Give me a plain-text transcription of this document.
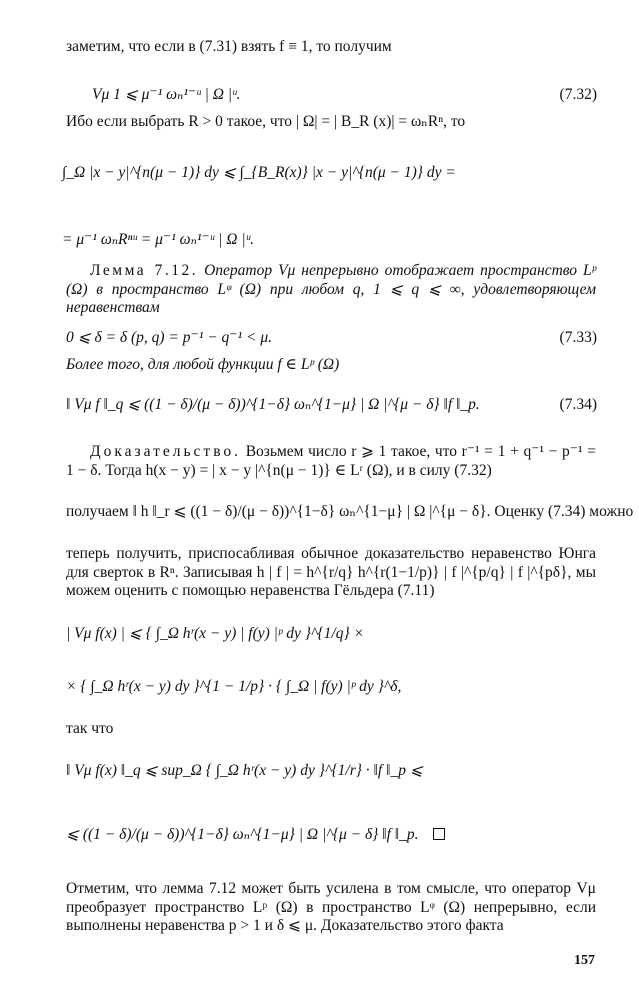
заметим, что если в (7.31) взять f ≡ 1, то получим
Vμ 1 ⩽ μ⁻¹ ωₙ¹⁻ᵘ | Ω |ᵘ.	(7.32)
Ибо если выбрать R > 0 такое, что | Ω| = | B_R (x)| = ωₙRⁿ, то
∫_Ω |x − y|^{n(μ − 1)} dy ⩽ ∫_{B_R(x)} |x − y|^{n(μ − 1)} dy =
= μ⁻¹ ωₙRⁿᵘ = μ⁻¹ ωₙ¹⁻ᵘ | Ω |ᵘ.
Лемма 7.12. Оператор Vμ непрерывно отображает пространство Lᵖ (Ω) в пространство Lᵠ (Ω) при любом q, 1 ⩽ q ⩽ ∞, удовлетворяющем неравенствам
0 ⩽ δ = δ (p, q) = p⁻¹ − q⁻¹ < μ.	(7.33)
Более того, для любой функции f ∈ Lᵖ (Ω)
‖ Vμ f ‖_q ⩽ ((1 − δ)/(μ − δ))^{1−δ} ωₙ^{1−μ} | Ω |^{μ − δ} ‖f ‖_p.	(7.34)
Доказательство. Возьмем число r ⩾ 1 такое, что r⁻¹ = 1 + q⁻¹ − p⁻¹ = 1 − δ. Тогда h(x − y) = | x − y |^{n(μ − 1)} ∈ Lʳ (Ω), и в силу (7.32)
получаем ‖ h ‖_r ⩽ ((1 − δ)/(μ − δ))^{1−δ} ωₙ^{1−μ} | Ω |^{μ − δ}. Оценку (7.34) можно
теперь получить, приспосабливая обычное доказательство неравенство Юнга для сверток в Rⁿ. Записывая h | f | = h^{r/q} h^{r(1−1/p)} | f |^{p/q} | f |^{pδ}, мы можем оценить с помощью неравенства Гёльдера (7.11)
| Vμ f(x) | ⩽ { ∫_Ω hʳ(x − y) | f(y) |ᵖ dy }^{1/q} ×
× { ∫_Ω hʳ(x − y) dy }^{1 − 1/p} · { ∫_Ω | f(y) |ᵖ dy }^δ,
так что
‖ Vμ f(x) ‖_q ⩽ sup_Ω { ∫_Ω hʳ(x − y) dy }^{1/r} · ‖f ‖_p ⩽
⩽ ((1 − δ)/(μ − δ))^{1−δ} ωₙ^{1−μ} | Ω |^{μ − δ} ‖f ‖_p.
Отметим, что лемма 7.12 может быть усилена в том смысле, что оператор Vμ преобразует пространство Lᵖ (Ω) в пространство Lᵠ (Ω) непрерывно, если выполнены неравенства p > 1 и δ ⩽ μ. Доказательство этого факта
157
